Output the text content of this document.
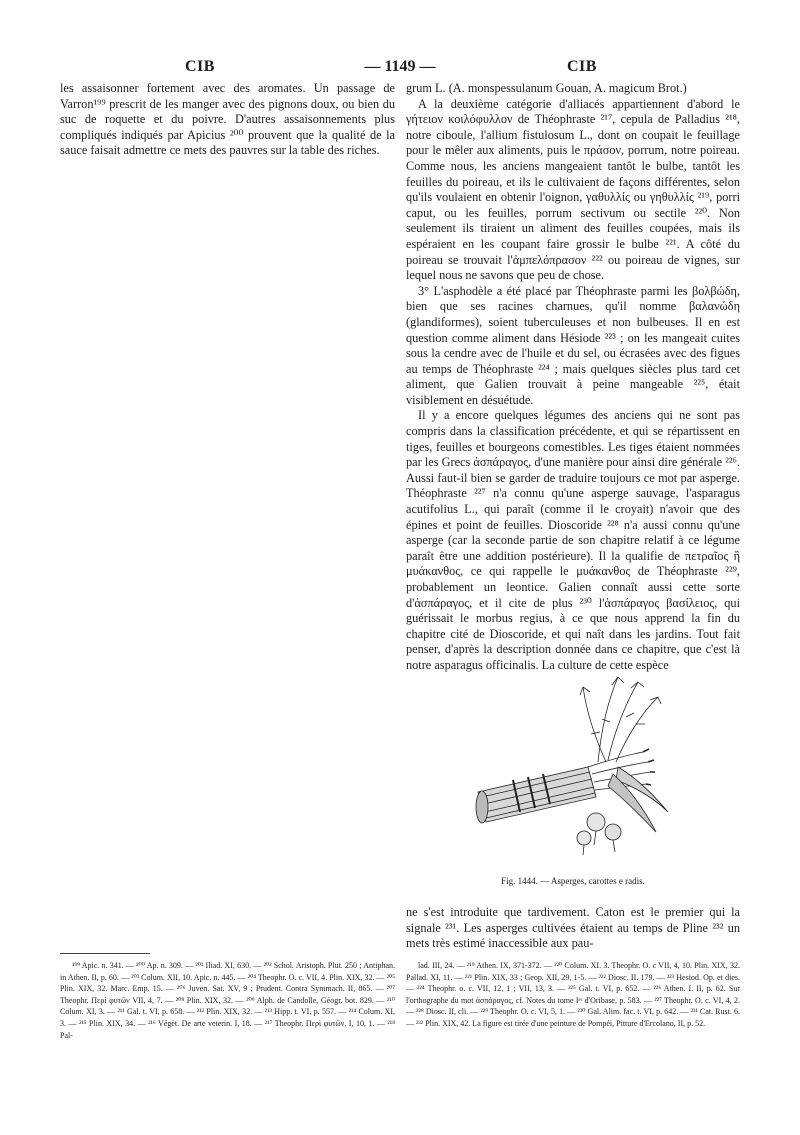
CIB	— 1149 —	CIB

les assaisonner fortement avec des aromates. Un passage de Varron¹⁹⁹ prescrit de les manger avec des pignons doux, ou bien du suc de roquette et du poivre. D'autres assaisonnements plus compliqués indiqués par Apicius ²⁰⁰ prouvent que la qualité de la sauce faisait admettre ce mets des pauvres sur la table des riches.

grum L. (A. monspessulanum Gouan, A. magicum Brot.)

A la deuxième catégorie d'alliacés appartiennent d'abord le γήτειον κοιλόφυλλον de Théophraste ²¹⁷, cepula de Palladius ²¹⁸, notre ciboule, l'allium fistulosum L., dont on coupait le feuillage pour le mêler aux aliments, puis le πράσον, porrum, notre poireau. Comme nous, les anciens mangeaient tantôt le bulbe, tantôt les feuilles du poireau, et ils le cultivaient de façons différentes, selon qu'ils voulaient en obtenir l'oignon, γαθυλλίς ou γηθυλλίς ²¹⁹, porri caput, ou les feuilles, porrum sectivum ou sectile ²²⁰. Non seulement ils tiraient un aliment des feuilles coupées, mais ils espéraient en les coupant faire grossir le bulbe ²²¹. A côté du poireau se trouvait l'ἀμπελόπρασον ²²² ou poireau de vignes, sur lequel nous ne savons que peu de chose.

3° L'asphodèle a été placé par Théophraste parmi les βολβώδη, bien que ses racines charnues, qu'il nomme βαλανώδη (glandiformes), soient tuberculeuses et non bulbeuses. Il en est question comme aliment dans Hésiode ²²³ ; on les mangeait cuites sous la cendre avec de l'huile et du sel, ou écrasées avec des figues au temps de Théophraste ²²⁴ ; mais quelques siècles plus tard cet aliment, que Galien trouvait à peine mangeable ²²⁵, était visiblement en désuétude.

Il y a encore quelques légumes des anciens qui ne sont pas compris dans la classification précédente, et qui se répartissent en tiges, feuilles et bourgeons comestibles. Les tiges étaient nommées par les Grecs ἀσπάραγος, d'une manière pour ainsi dire générale ²²⁶. Aussi faut-il bien se garder de traduire toujours ce mot par asperge. Théophraste ²²⁷ n'a connu qu'une asperge sauvage, l'asparagus acutifolius L., qui paraît (comme il le croyait) n'avoir que des épines et point de feuilles. Dioscoride ²²⁸ n'a aussi connu qu'une asperge (car la seconde partie de son chapitre relatif à ce légume paraît être une addition postérieure). Il la qualifie de πετραῖος ἢ μυάκανθος, ce qui rappelle le μυάκανθος de Théophraste ²²⁹, probablement un leontice. Galien connaît aussi cette sorte d'ἀσπάραγος, et il cite de plus ²³⁰ l'ἀσπάραγος βασίλειος, qui guérissait le morbus regius, à ce que nous apprend la fin du chapitre cité de Dioscoride, et qui naît dans les jardins. Tout fait penser, d'après la description donnée dans ce chapitre, que c'est là notre asparagus officinalis. La culture de cette espèce

Fig. 1444. — Asperges, carottes e radis.

ne s'est introduite que tardivement. Caton est le premier qui la signale ²³¹. Les asperges cultivées étaient au temps de Pline ²³² un mets très estimé inaccessible aux pau-

¹⁹⁹ Apic. n. 341. — ²⁰⁰ Ap. n. 309. — ²⁰¹ Iliad. XI, 630. — ²⁰² Schol. Aristoph. Plut. 250 ; Antiphan. in Athen. II, p. 60. — ²⁰³ Colum. XII, 10. Apic. n. 445. — ²⁰⁴ Theophr. O. c. VII, 4. Plin. XIX, 32. — ²⁰⁵ Plin. XIX, 32. Marc. Emp. 15. — ²⁰⁶ Juven. Sat. XV, 9 ; Prudent. Contra Symmach. II, 865. — ²⁰⁷ Theophr. Περὶ φυτῶν VII, 4, 7. — ²⁰⁸ Plin. XIX, 32. — ²⁰⁹ Alph. de Candolle, Géogr. bot. 829. — ²¹⁰ Colum. XI, 3. — ²¹¹ Gal. t. VI, p. 658. — ²¹² Plin. XIX, 32. — ²¹³ Hipp. t. VI, p. 557. — ²¹⁴ Colum. XI, 3. — ²¹⁵ Plin. XIX, 34. — ²¹⁶ Végèt. De arte veterin. I, 18. — ²¹⁷ Theophr. Περὶ φυτῶν, I, 10, 1. — ²¹⁸ Pal-

lad. III, 24. — ²¹⁹ Athen. IX, 371-372. — ²²⁰ Colum. XI. 3. Theophr. O. c VII, 4, 10. Plin. XIX, 32. Pallad. XI, 11. — ²²¹ Plin. XIX, 33 ; Geop. XII, 29, 1-5. — ²²² Diosc. II. 179. — ²²³ Hesiod. Op. et dies. — ²²⁴ Theophr. o. c. VII, 12, 1 ; VII, 13, 3. — ²²⁵ Gal. t. VI, p. 652. — ²²⁶ Athen. I. II, p. 62. Sur l'orthographe du mot ἀσπάραγος, cf. Notes du tome Iᵉʳ d'Oribase, p. 583. — ²²⁷ Theophr. O. c. VI, 4, 2. — ²²⁸ Diosc. II, cli. — ²²⁹ Theophr. O. c. VI, 5, 1. — ²³⁰ Gal. Alim. fac. t. VI, p. 642. — ²³¹ Cat. Rust. 6. — ²³² Plin. XIX, 42. La figure est tirée d'une peinture de Pompéi, Pitture d'Ercolano, II, p. 52.
